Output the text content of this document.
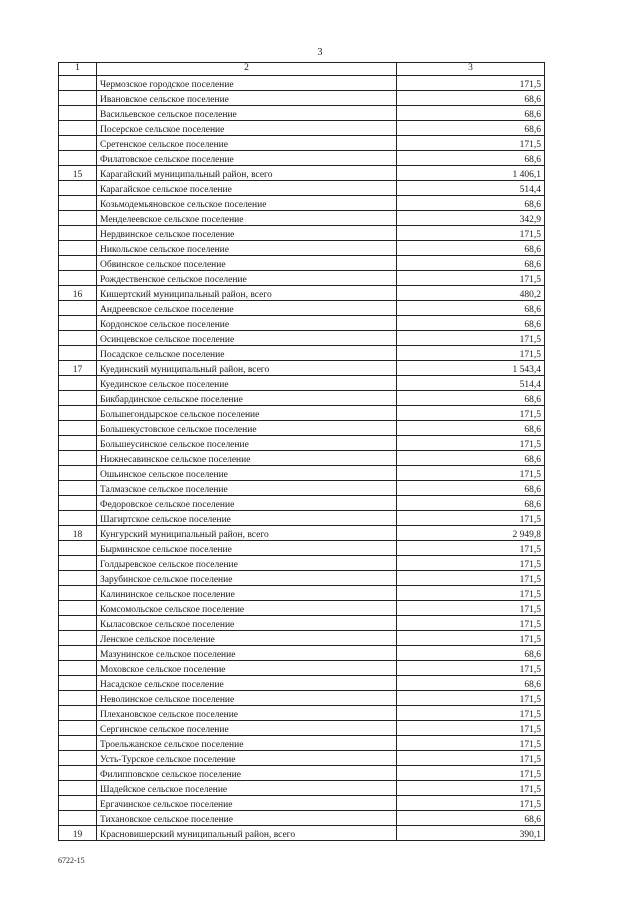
3
1	2	3
	Чермозское городское поселение	171,5
	Ивановское сельское поселение	68,6
	Васильевское сельское поселение	68,6
	Посерское сельское поселение	68,6
	Сретенское сельское поселение	171,5
	Филатовское сельское поселение	68,6
15	Карагайский муниципальный район, всего	1 406,1
	Карагайское сельское поселение	514,4
	Козьмодемьяновское сельское поселение	68,6
	Менделеевское сельское поселение	342,9
	Нердвинское сельское поселение	171,5
	Никольское сельское поселение	68,6
	Обвинское сельское поселение	68,6
	Рождественское сельское поселение	171,5
16	Кишертский муниципальный район, всего	480,2
	Андреевское сельское поселение	68,6
	Кордонское сельское поселение	68,6
	Осинцевское сельское поселение	171,5
	Посадское сельское поселение	171,5
17	Куединский муниципальный район, всего	1 543,4
	Куединское сельское поселение	514,4
	Бикбардинское сельское поселение	68,6
	Большегондырское сельское поселение	171,5
	Большекустовское сельское поселение	68,6
	Большеусинское сельское поселение	171,5
	Нижнесавинское сельское поселение	68,6
	Ошьинское сельское поселение	171,5
	Талмазское сельское поселение	68,6
	Федоровское сельское поселение	68,6
	Шагиртское сельское поселение	171,5
18	Кунгурский муниципальный район, всего	2 949,8
	Бырминское сельское поселение	171,5
	Голдыревское сельское поселение	171,5
	Зарубинское сельское поселение	171,5
	Калининское сельское поселение	171,5
	Комсомольское сельское поселение	171,5
	Кыласовское сельское поселение	171,5
	Ленское сельское поселение	171,5
	Мазунинское сельское поселение	68,6
	Моховское сельское поселение	171,5
	Насадское сельское поселение	68,6
	Неволинское сельское поселение	171,5
	Плехановское сельское поселение	171,5
	Сергинское сельское поселение	171,5
	Троельжанское сельское поселение	171,5
	Усть-Турское сельское поселение	171,5
	Филипповское сельское поселение	171,5
	Шадейское сельское поселение	171,5
	Ергачинское сельское поселение	171,5
	Тихановское сельское поселение	68,6
19	Красновишерский муниципальный район, всего	390,1
6722-15
